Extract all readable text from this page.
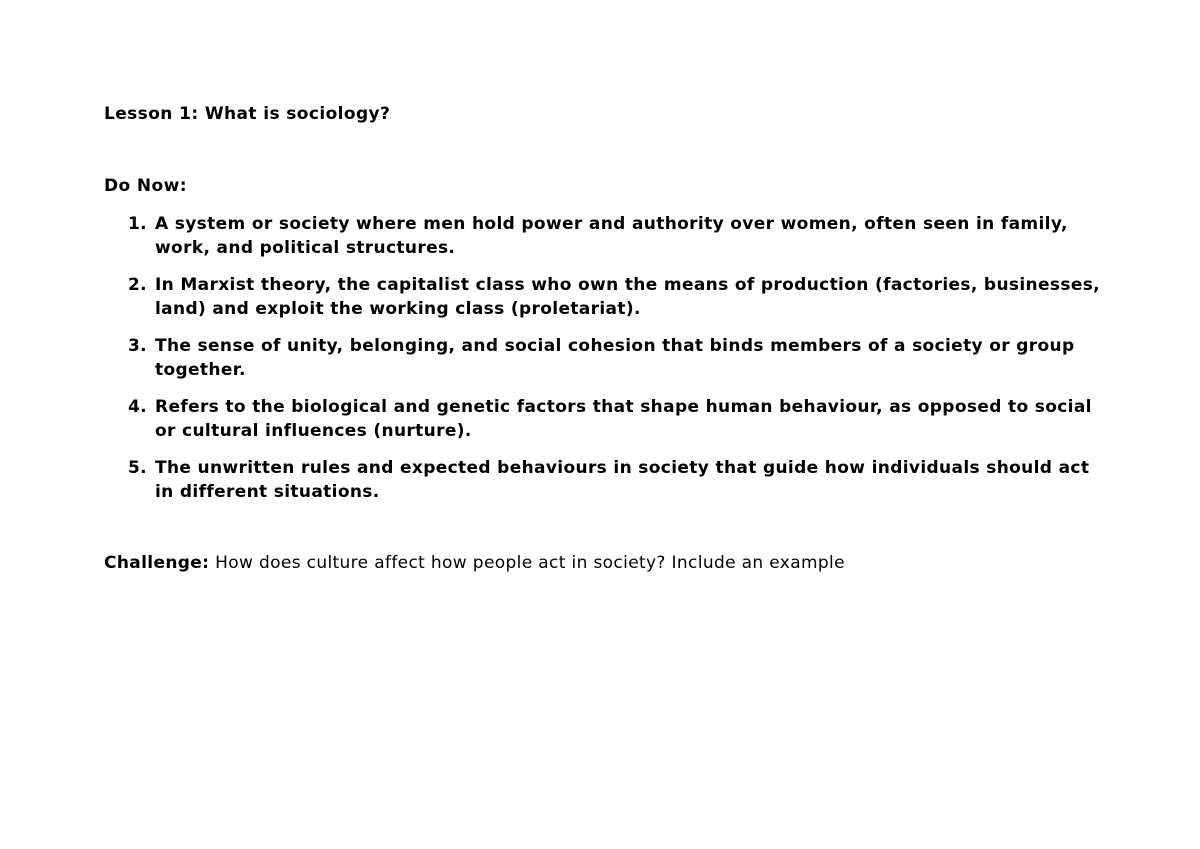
Lesson 1: What is sociology?
Do Now:
1. A system or society where men hold power and authority over women, often seen in family, work, and political structures.
2. In Marxist theory, the capitalist class who own the means of production (factories, businesses, land) and exploit the working class (proletariat).
3. The sense of unity, belonging, and social cohesion that binds members of a society or group together.
4. Refers to the biological and genetic factors that shape human behaviour, as opposed to social or cultural influences (nurture).
5. The unwritten rules and expected behaviours in society that guide how individuals should act in different situations.
Challenge: How does culture affect how people act in society? Include an example
